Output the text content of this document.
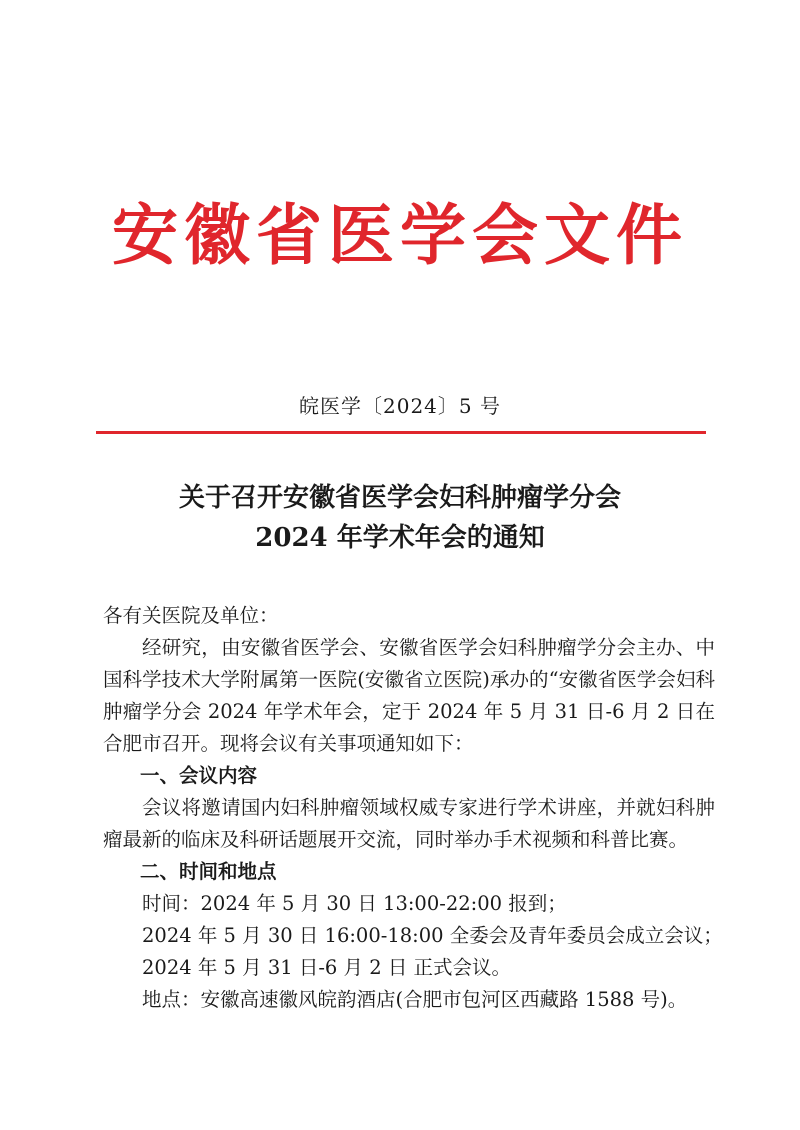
安徽省医学会文件
皖医学〔2024〕5 号
关于召开安徽省医学会妇科肿瘤学分会
2024 年学术年会的通知

各有关医院及单位：

经研究，由安徽省医学会、安徽省医学会妇科肿瘤学分会主办、中国科学技术大学附属第一医院(安徽省立医院)承办的“安徽省医学会妇科肿瘤学分会 2024 年学术年会，定于 2024 年 5 月 31 日-6 月 2 日在合肥市召开。现将会议有关事项通知如下：

一、会议内容

会议将邀请国内妇科肿瘤领域权威专家进行学术讲座，并就妇科肿瘤最新的临床及科研话题展开交流，同时举办手术视频和科普比赛。

二、时间和地点

时间：2024 年 5 月 30 日 13:00-22:00 报到；

2024 年 5 月 30 日 16:00-18:00 全委会及青年委员会成立会议；

2024 年 5 月 31 日-6 月 2 日 正式会议。

地点：安徽高速徽风皖韵酒店(合肥市包河区西藏路 1588 号)。
